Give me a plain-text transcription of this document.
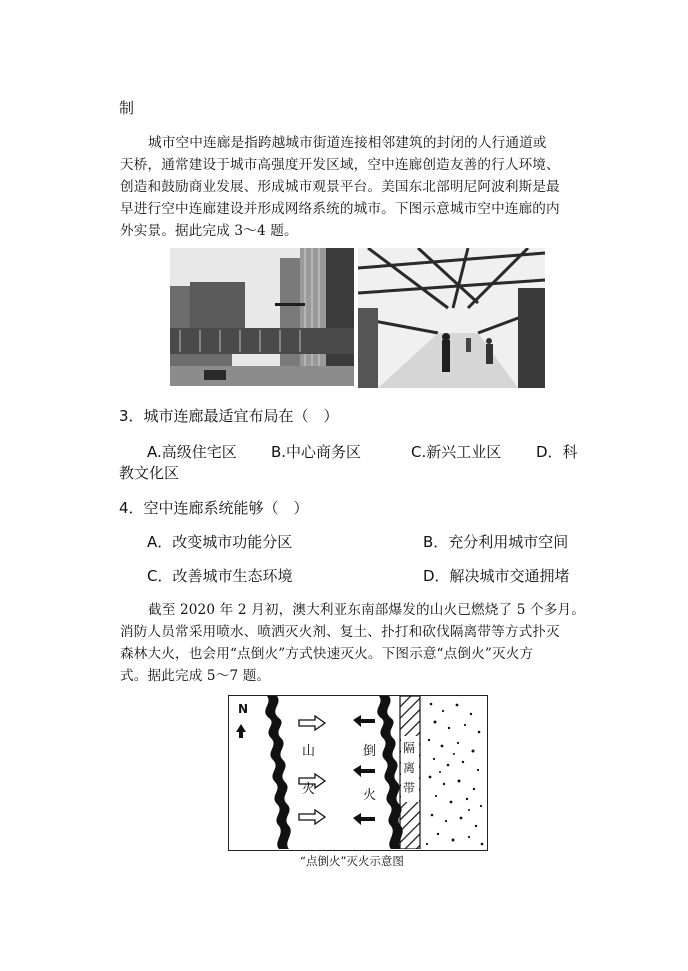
制
城市空中连廊是指跨越城市街道连接相邻建筑的封闭的人行通道或
天桥，通常建设于城市高强度开发区域，空中连廊创造友善的行人环境、
创造和鼓励商业发展、形成城市观景平台。美国东北部明尼阿波利斯是最
早进行空中连廊建设并形成网络系统的城市。下图示意城市空中连廊的内
外实景。据此完成 3～4 题。
3．城市连廊最适宜布局在（　）
A.高级住宅区 B.中心商务区	C.新兴工业区 D．科
教文化区
4．空中连廊系统能够（　）
A．改变城市功能分区	B．充分利用城市空间
C．改善城市生态环境	D．解决城市交通拥堵
截至 2020 年 2 月初，澳大利亚东南部爆发的山火已燃烧了 5 个多月。
消防人员常采用喷水、喷洒灭火剂、复土、扑打和砍伐隔离带等方式扑灭
森林大火，也会用“点倒火”方式快速灭火。下图示意“点倒火”灭火方
式。据此完成 5～7 题。
N
山
火
倒
火
隔
离
带
“点倒火”灭火示意图
